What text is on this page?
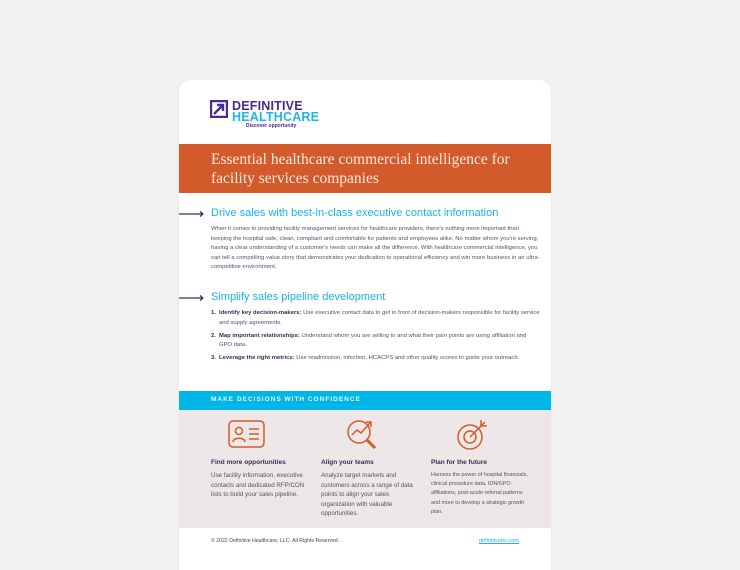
DEFINITIVE
HEALTHCARE
Discover opportunity
Essential healthcare commercial intelligence for facility services companies
Drive sales with best-in-class executive contact information
When it comes to providing facility management services for healthcare providers, there's nothing more important than keeping the hospital safe, clean, compliant and comfortable for patients and employees alike. No matter whom you're serving, having a clear understanding of a customer's needs can make all the difference. With healthcare commercial intelligence, you can tell a compelling value story that demonstrates your dedication to operational efficiency and win more business in an ultra-competitive environment.
Simplify sales pipeline development
1. Identify key decision-makers: Use executive contact data to get in front of decision-makers responsible for facility service and supply agreements.
2. Map important relationships: Understand whom you are selling to and what their pain points are using affiliation and GPO data.
3. Leverage the right metrics: Use readmission, infection, HCACPS and other quality scores to guide your outreach.
MAKE DECISIONS WITH CONFIDENCE
Find more opportunities
Use facility information, executive contacts and dedicated RFP/CON lists to build your sales pipeline.
Align your teams
Analyze target markets and customers across a range of data points to align your sales organization with valuable opportunities.
Plan for the future
Harness the power of hospital financials, clinical procedure data, IDN/GPO affiliations, post-acute referral patterns and more to develop a strategic growth plan.
© 2022 Definitive Healthcare, LLC. All Rights Reserved.	definitivehc.com
